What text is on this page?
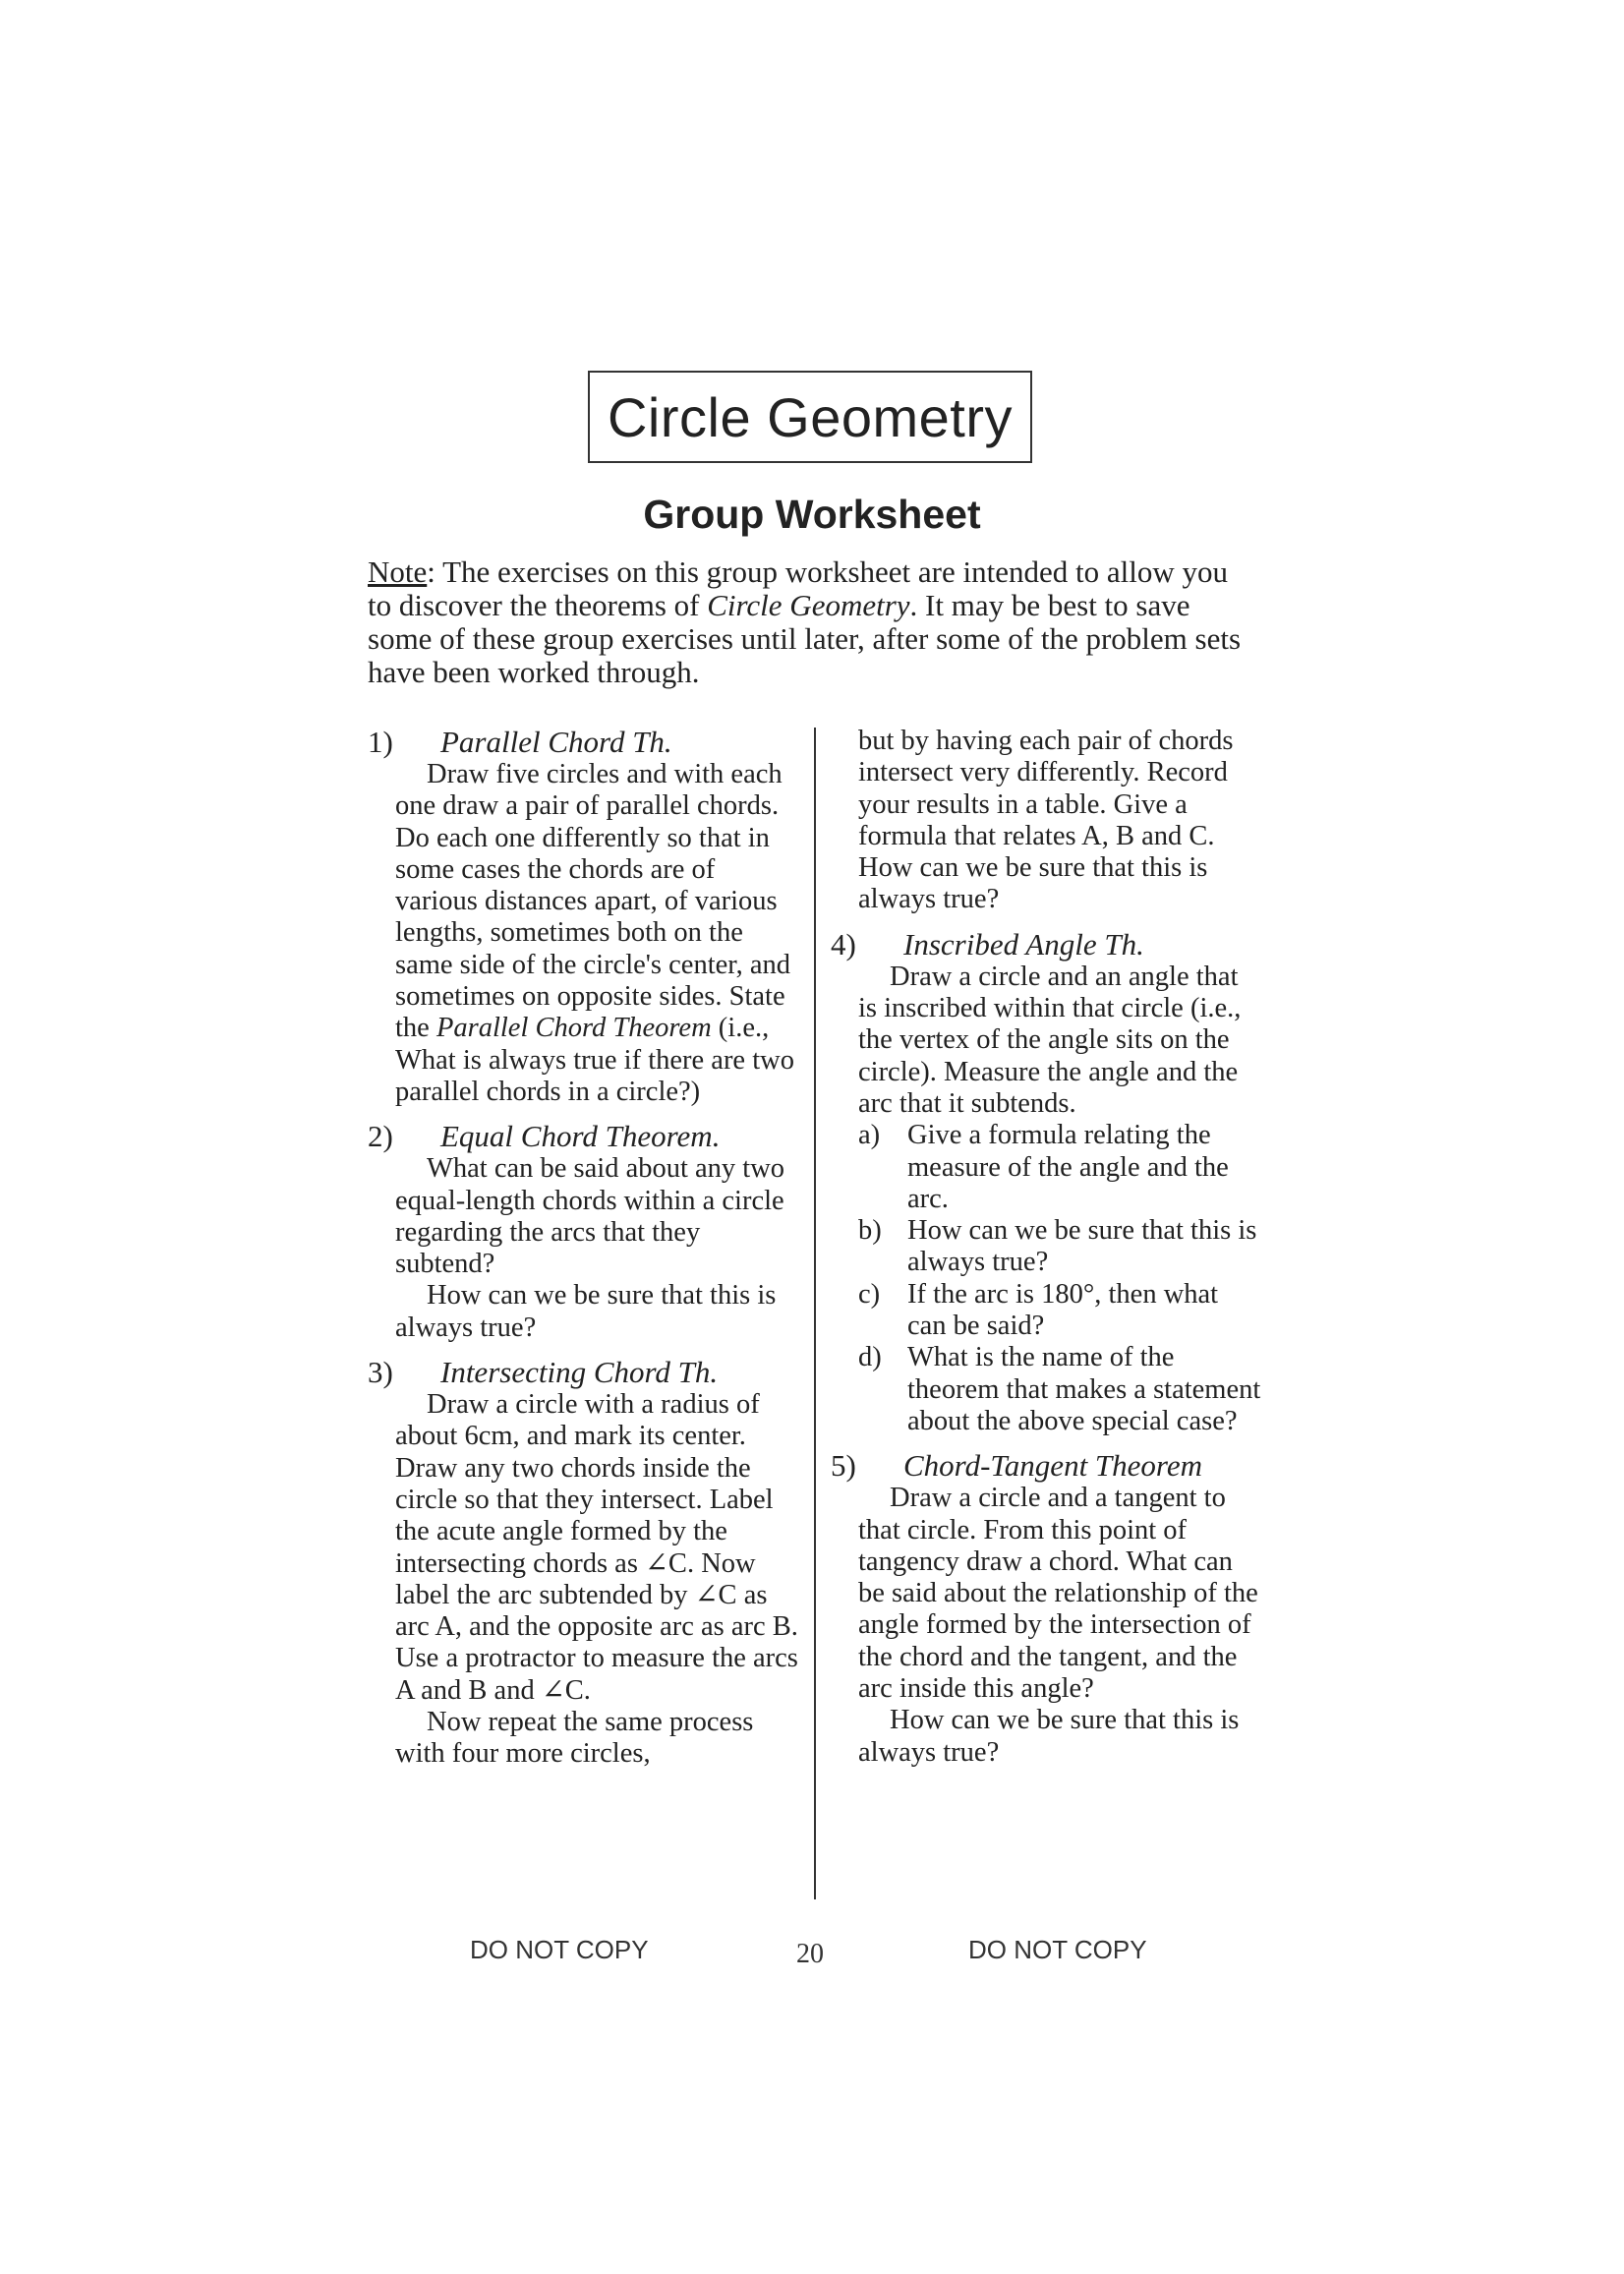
Circle Geometry
Group Worksheet
Note: The exercises on this group worksheet are intended to allow you to discover the theorems of Circle Geometry. It may be best to save some of these group exercises until later, after some of the problem sets have been worked through.
1)	Parallel Chord Th.
Draw five circles and with each one draw a pair of parallel chords. Do each one differently so that in some cases the chords are of various distances apart, of various lengths, sometimes both on the same side of the circle's center, and sometimes on opposite sides. State the Parallel Chord Theorem (i.e., What is always true if there are two parallel chords in a circle?)
2)	Equal Chord Theorem.
What can be said about any two equal-length chords within a circle regarding the arcs that they subtend?
How can we be sure that this is always true?
3)	Intersecting Chord Th.
Draw a circle with a radius of about 6cm, and mark its center. Draw any two chords inside the circle so that they intersect. Label the acute angle formed by the intersecting chords as ∠C. Now label the arc subtended by ∠C as arc A, and the opposite arc as arc B. Use a protractor to measure the arcs A and B and ∠C.
Now repeat the same process with four more circles,
but by having each pair of chords intersect very differently. Record your results in a table. Give a formula that relates A, B and C. How can we be sure that this is always true?
4)	Inscribed Angle Th.
Draw a circle and an angle that is inscribed within that circle (i.e., the vertex of the angle sits on the circle). Measure the angle and the arc that it subtends.
a) Give a formula relating the measure of the angle and the arc.
b) How can we be sure that this is always true?
c) If the arc is 180°, then what can be said?
d) What is the name of the theorem that makes a statement about the above special case?
5)	Chord-Tangent Theorem
Draw a circle and a tangent to that circle. From this point of tangency draw a chord. What can be said about the relationship of the angle formed by the intersection of the chord and the tangent, and the arc inside this angle?
How can we be sure that this is always true?
DO NOT COPY	20	DO NOT COPY
